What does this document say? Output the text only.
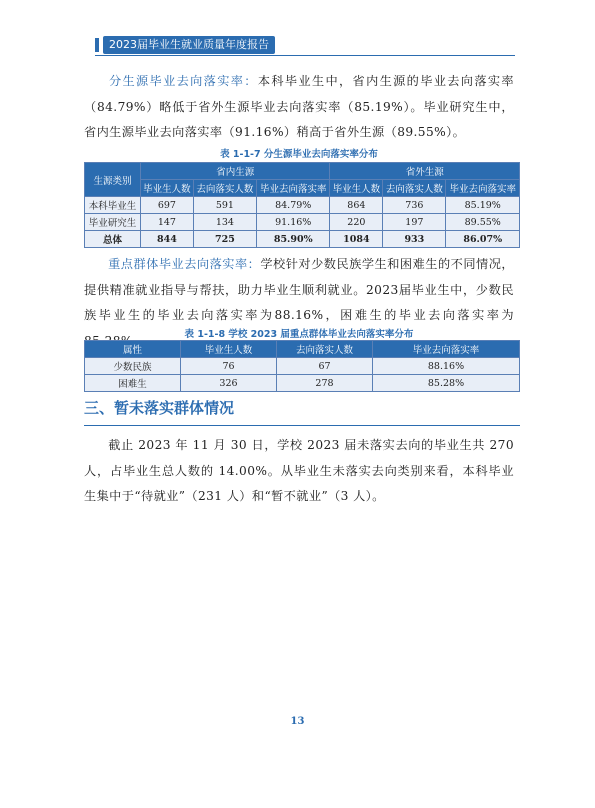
2023届毕业生就业质量年度报告
分生源毕业去向落实率：本科毕业生中，省内生源的毕业去向落实率（84.79%）略低于省外生源毕业去向落实率（85.19%）。毕业研究生中，省内生源毕业去向落实率（91.16%）稍高于省外生源（89.55%）。
表 1-1-7 分生源毕业去向落实率分布
生源类别	省内生源			省外生源		
	毕业生人数	去向落实人数	毕业去向落实率	毕业生人数	去向落实人数	毕业去向落实率
本科毕业生	697	591	84.79%	864	736	85.19%
毕业研究生	147	134	91.16%	220	197	89.55%
总体	844	725	85.90%	1084	933	86.07%
重点群体毕业去向落实率：学校针对少数民族学生和困难生的不同情况，提供精准就业指导与帮扶，助力毕业生顺利就业。2023届毕业生中，少数民族毕业生的毕业去向落实率为88.16%，困难生的毕业去向落实率为
表 1-1-8 学校 2023 届重点群体毕业去向落实率分布
属性	毕业生人数	去向落实人数	毕业去向落实率
少数民族	76	67	88.16%
困难生	326	278	85.28%
三、暂未落实群体情况
截止 2023 年 11 月 30 日，学校 2023 届未落实去向的毕业生共 270 人，占毕业生总人数的 14.00%。从毕业生未落实去向类别来看，本科毕业生集中于“待就业”（231 人）和“暂不就业”（3 人）。
13
